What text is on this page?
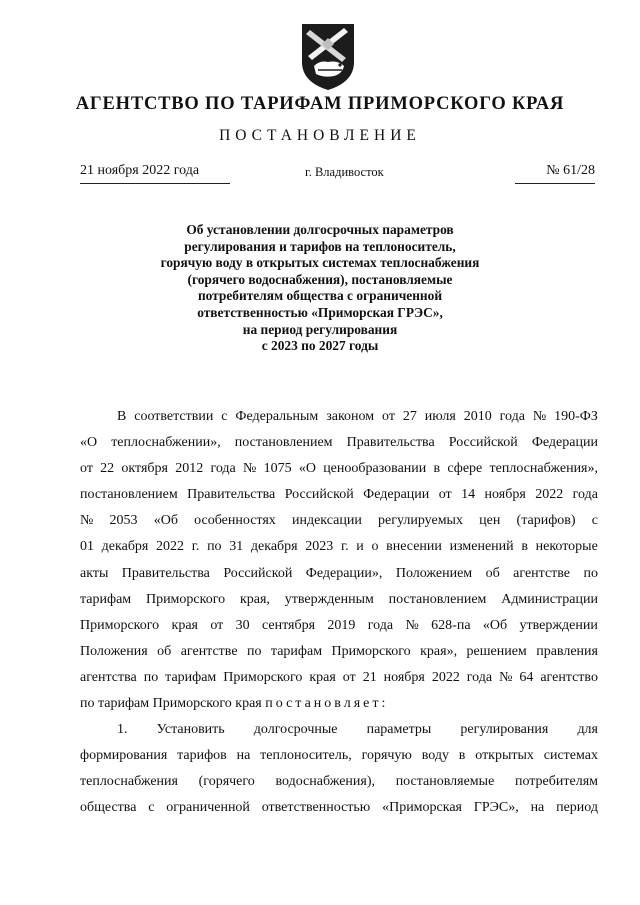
АГЕНТСТВО ПО ТАРИФАМ ПРИМОРСКОГО КРАЯ
ПОСТАНОВЛЕНИЕ
21 ноября 2022 года	г. Владивосток	№ 61/28
Об установлении долгосрочных параметров
регулирования и тарифов на теплоноситель,
горячую воду в открытых системах теплоснабжения
(горячего водоснабжения), постановляемые
потребителям общества с ограниченной
ответственностью «Приморская ГРЭС»,
на период регулирования
с 2023 по 2027 годы
В соответствии с Федеральным законом от 27 июля 2010 года № 190-ФЗ
«О теплоснабжении», постановлением Правительства Российской Федерации
от 22 октября 2012 года № 1075 «О ценообразовании в сфере теплоснабжения»,
постановлением Правительства Российской Федерации от 14 ноября 2022 года
№ 2053 «Об особенностях индексации регулируемых цен (тарифов) с
01 декабря 2022 г. по 31 декабря 2023 г. и о внесении изменений в некоторые
акты Правительства Российской Федерации», Положением об агентстве по
тарифам Приморского края, утвержденным постановлением Администрации
Приморского края от 30 сентября 2019 года № 628-па «Об утверждении
Положения об агентстве по тарифам Приморского края», решением правления
агентства по тарифам Приморского края от 21 ноября 2022 года № 64 агентство
по тарифам Приморского края
постановляет:
1. Установить долгосрочные параметры регулирования для
формирования тарифов на теплоноситель, горячую воду в открытых системах
теплоснабжения (горячего водоснабжения), постановляемые потребителям
общества с ограниченной ответственностью «Приморская ГРЭС», на период
